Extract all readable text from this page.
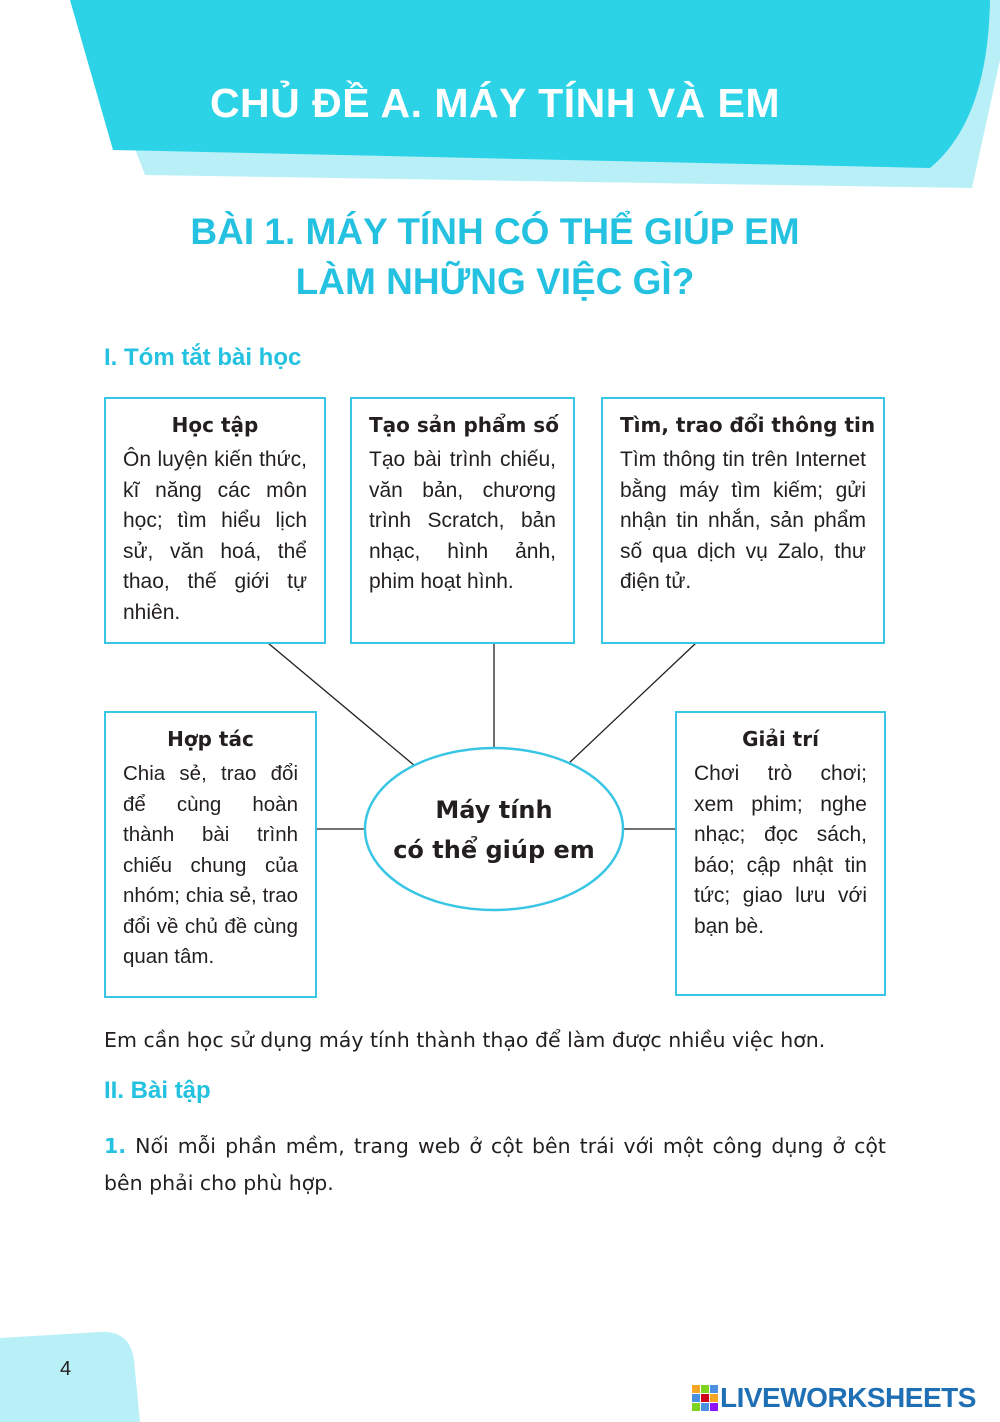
CHỦ ĐỀ A. MÁY TÍNH VÀ EM
BÀI 1. MÁY TÍNH CÓ THỂ GIÚP EM
LÀM NHỮNG VIỆC GÌ?
I. Tóm tắt bài học
Máy tính
có thể giúp em
Học tập
Ôn luyện kiến thức, kĩ năng các môn học; tìm hiểu lịch sử, văn hoá, thể thao, thế giới tự nhiên.
Tạo sản phẩm số
Tạo bài trình chiếu, văn bản, chương trình Scratch, bản nhạc, hình ảnh, phim hoạt hình.
Tìm, trao đổi thông tin
Tìm thông tin trên Internet bằng máy tìm kiếm; gửi nhận tin nhắn, sản phẩm số qua dịch vụ Zalo, thư điện tử.
Hợp tác
Chia sẻ, trao đổi để cùng hoàn thành bài trình chiếu chung của nhóm; chia sẻ, trao đổi về chủ đề cùng quan tâm.
Giải trí
Chơi trò chơi; xem phim; nghe nhạc; đọc sách, báo; cập nhật tin tức; giao lưu với bạn bè.
Em cần học sử dụng máy tính thành thạo để làm được nhiều việc hơn.
II. Bài tập
1. Nối mỗi phần mềm, trang web ở cột bên trái với một công dụng ở cột bên phải cho phù hợp.
4
LIVEWORKSHEETS
